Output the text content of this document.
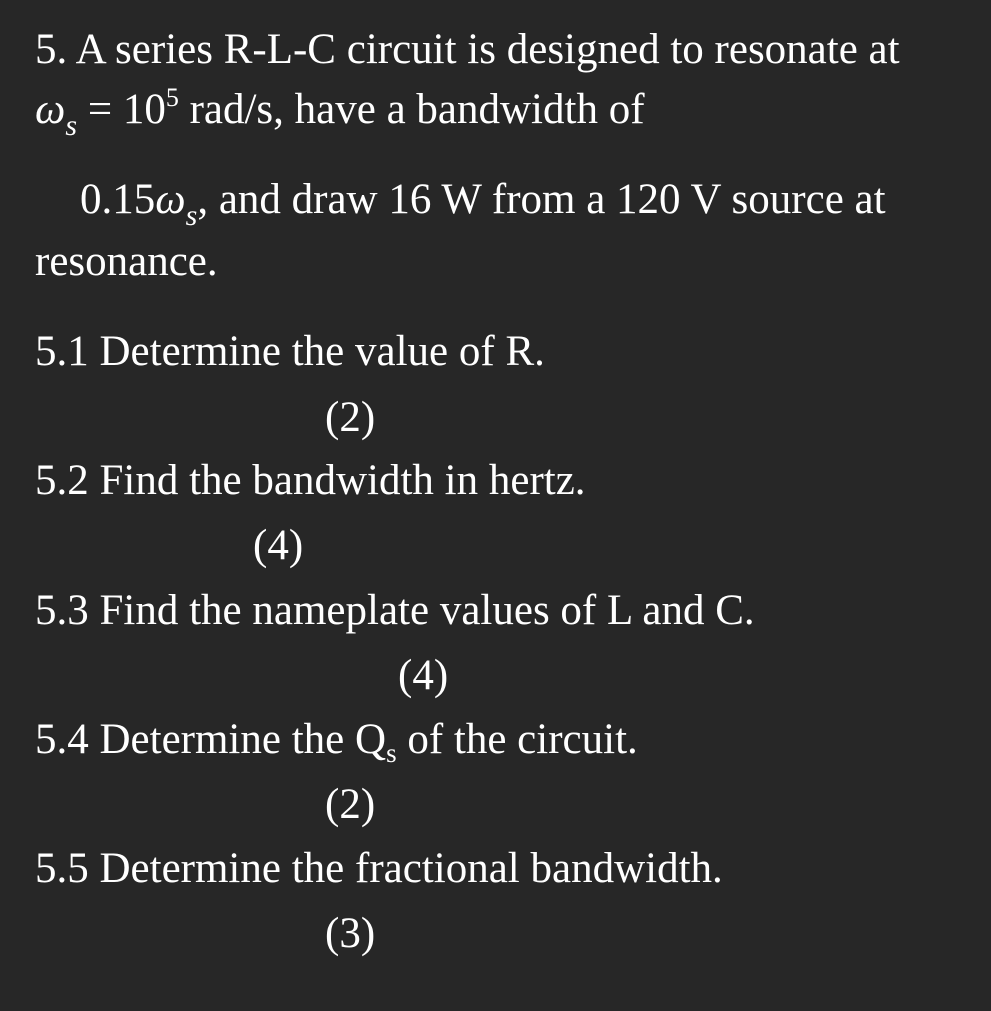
5. A series R-L-C circuit is designed to resonate at
$\omega_s = 10^5$ rad/s, have a bandwidth of
$0.15\omega_s$, and draw 16 W from a 120 V source at
resonance.
5.1 Determine the value of R.
(2)
5.2 Find the bandwidth in hertz.
(4)
5.3 Find the nameplate values of L and C.
(4)
5.4 Determine the $Q_s$ of the circuit.
(2)
5.5 Determine the fractional bandwidth.
(3)
